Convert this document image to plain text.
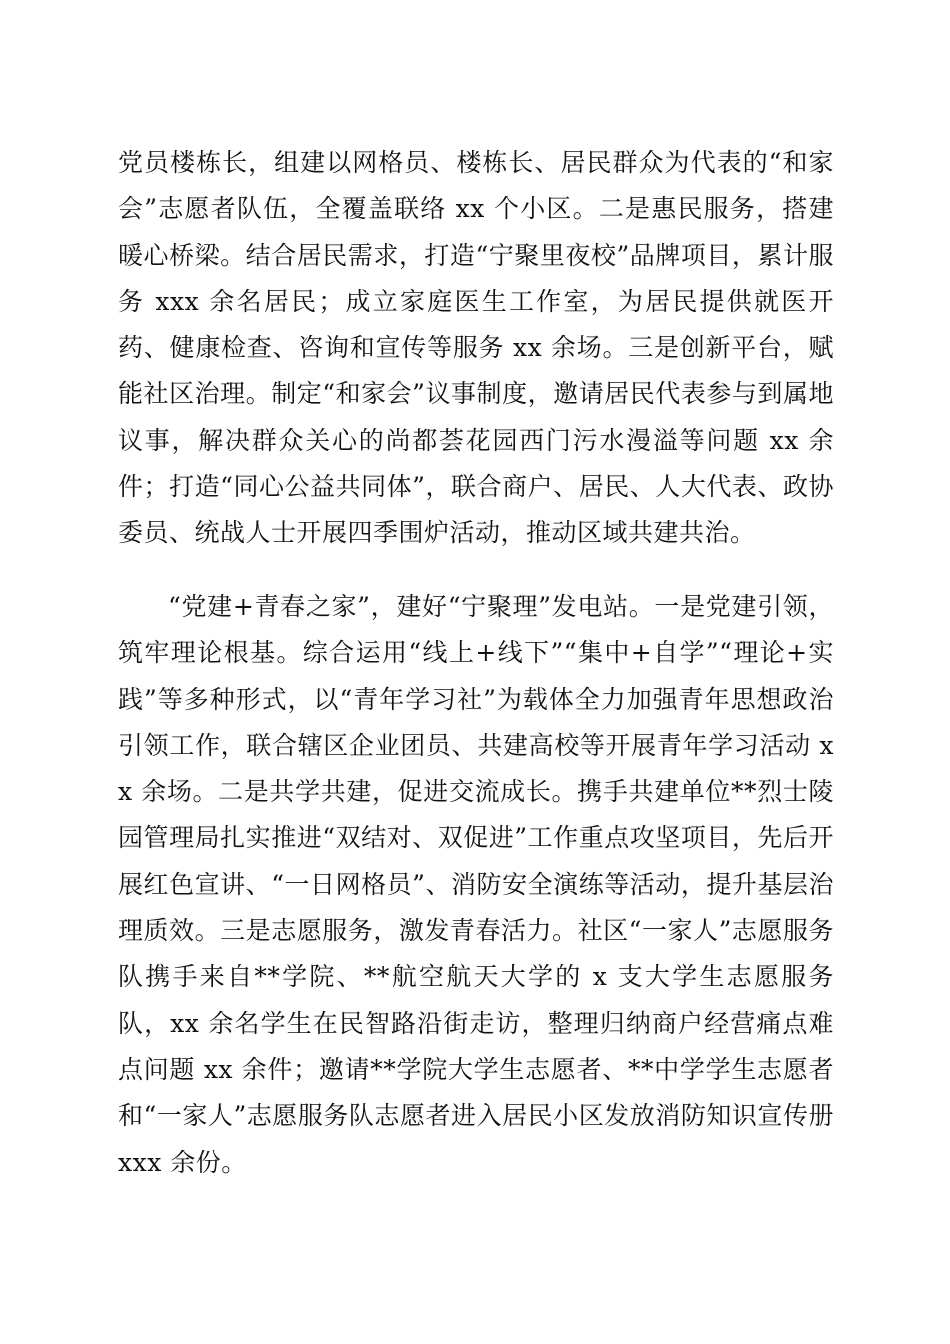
党员楼栋长，组建以网格员、楼栋长、居民群众为代表的“和家会”志愿者队伍，全覆盖联络 xx 个小区。二是惠民服务，搭建暖心桥梁。结合居民需求，打造“宁聚里夜校”品牌项目，累计服务 xxx 余名居民；成立家庭医生工作室，为居民提供就医开药、健康检查、咨询和宣传等服务 xx 余场。三是创新平台，赋能社区治理。制定“和家会”议事制度，邀请居民代表参与到属地议事，解决群众关心的尚都荟花园西门污水漫溢等问题 xx 余件；打造“同心公益共同体”，联合商户、居民、人大代表、政协委员、统战人士开展四季围炉活动，推动区域共建共治。

“党建+青春之家”，建好“宁聚理”发电站。一是党建引领，筑牢理论根基。综合运用“线上+线下”“集中+自学”“理论+实践”等多种形式，以“青年学习社”为载体全力加强青年思想政治引领工作，联合辖区企业团员、共建高校等开展青年学习活动 xx 余场。二是共学共建，促进交流成长。携手共建单位**烈士陵园管理局扎实推进“双结对、双促进”工作重点攻坚项目，先后开展红色宣讲、“一日网格员”、消防安全演练等活动，提升基层治理质效。三是志愿服务，激发青春活力。社区“一家人”志愿服务队携手来自**学院、**航空航天大学的 x 支大学生志愿服务队，xx 余名学生在民智路沿街走访，整理归纳商户经营痛点难点问题 xx 余件；邀请**学院大学生志愿者、**中学学生志愿者和“一家人”志愿服务队志愿者进入居民小区发放消防知识宣传册 xxx 余份。
